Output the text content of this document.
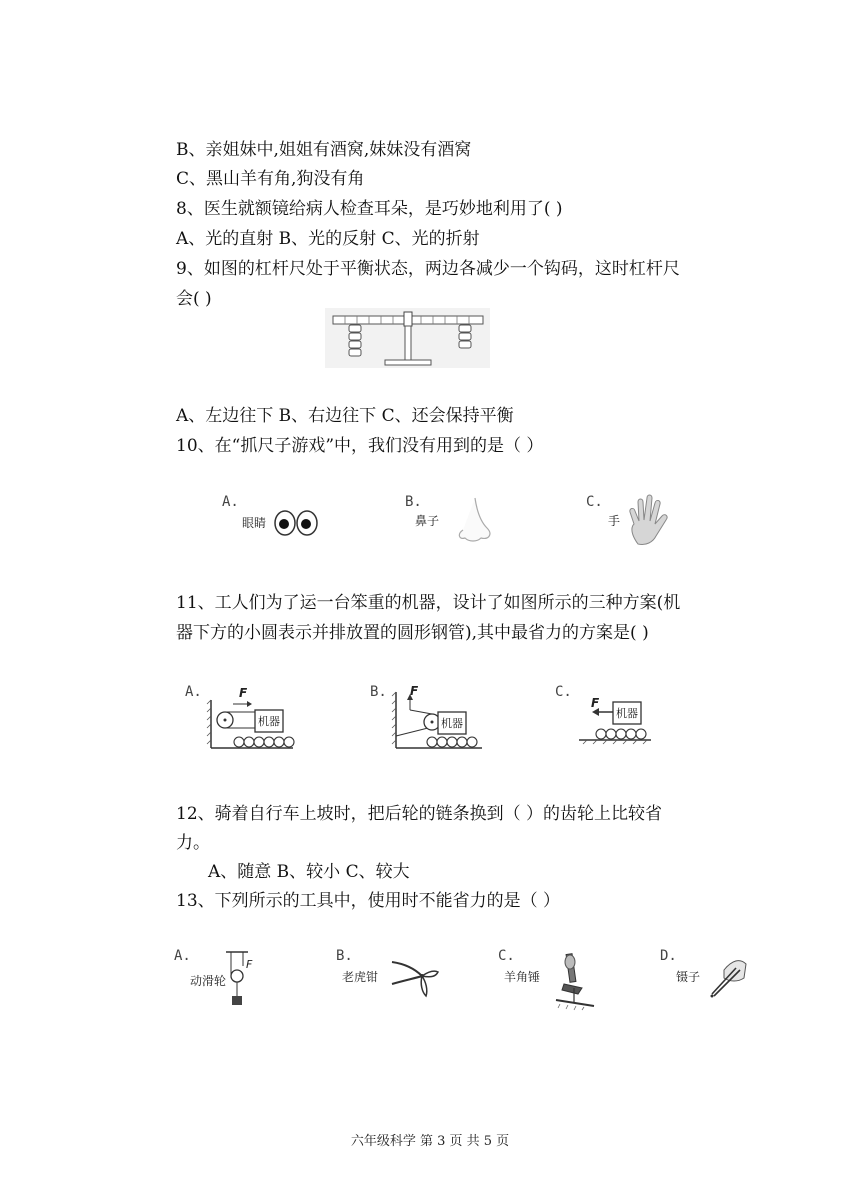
B、亲姐妹中,姐姐有酒窝,妹妹没有酒窝
C、黑山羊有角,狗没有角
8、医生就额镜给病人检查耳朵，是巧妙地利用了( )
A、光的直射 B、光的反射 C、光的折射
9、如图的杠杆尺处于平衡状态，两边各减少一个钩码，这时杠杆尺
会( )
A、左边往下 B、右边往下 C、还会保持平衡
10、在“抓尺子游戏”中，我们没有用到的是（ ）
A.
眼睛
B.
鼻子
C.
手
11、工人们为了运一台笨重的机器，设计了如图所示的三种方案(机
器下方的小圆表示并排放置的圆形钢管),其中最省力的方案是( )
A.	F
机器
B. F
机器
C.
F
机器
12、骑着自行车上坡时，把后轮的链条换到（ ）的齿轮上比较省
力。
A、随意 B、较小 C、较大
13、下列所示的工具中，使用时不能省力的是（ ）
A.
动滑轮
F
B.
老虎钳
C.
羊角锤
D.
镊子
六年级科学 第 3 页 共 5 页
